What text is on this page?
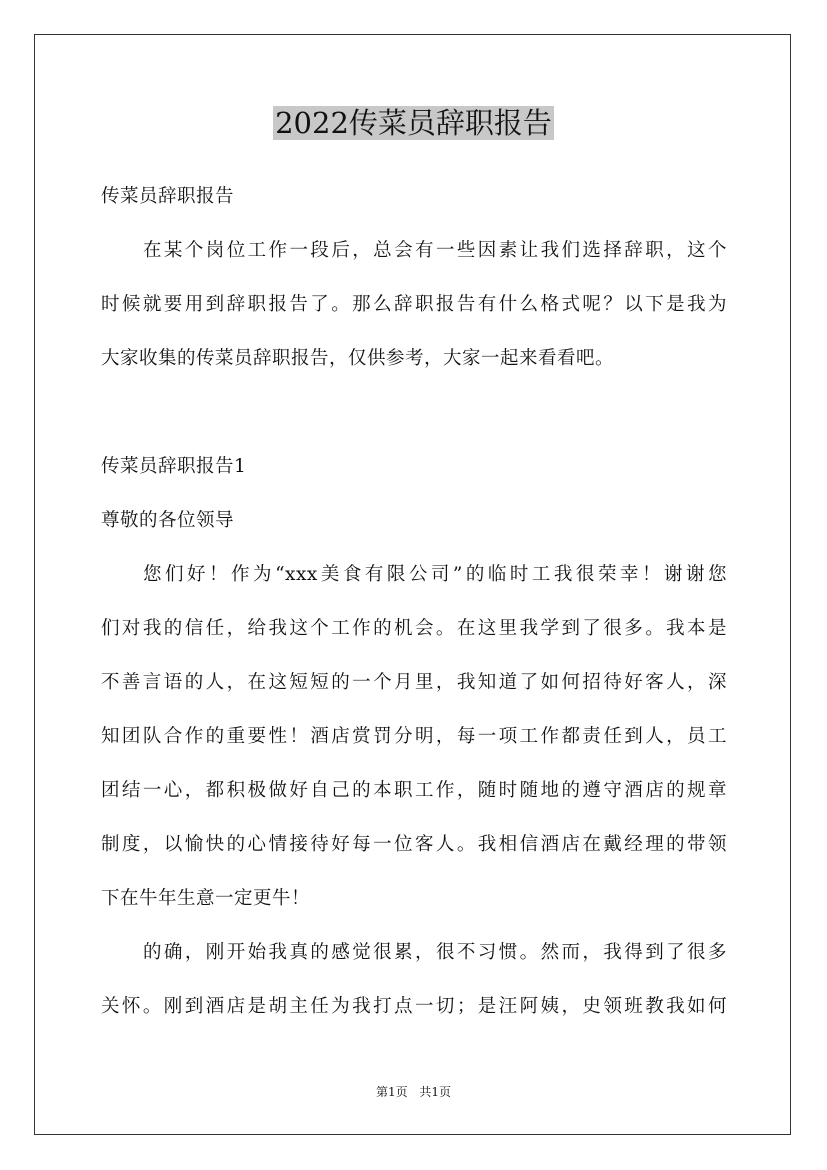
2022传菜员辞职报告

传菜员辞职报告

在某个岗位工作一段后，总会有一些因素让我们选择辞职，这个

时候就要用到辞职报告了。那么辞职报告有什么格式呢？以下是我为

大家收集的传菜员辞职报告，仅供参考，大家一起来看看吧。

传菜员辞职报告1

尊敬的各位领导

您们好！作为“xxx美食有限公司”的临时工我很荣幸！谢谢您

们对我的信任，给我这个工作的机会。在这里我学到了很多。我本是

不善言语的人，在这短短的一个月里，我知道了如何招待好客人，深

知团队合作的重要性！酒店赏罚分明，每一项工作都责任到人，员工

团结一心，都积极做好自己的本职工作，随时随地的遵守酒店的规章

制度，以愉快的心情接待好每一位客人。我相信酒店在戴经理的带领

下在牛年生意一定更牛！

的确，刚开始我真的感觉很累，很不习惯。然而，我得到了很多

关怀。刚到酒店是胡主任为我打点一切；是汪阿姨，史领班教我如何

第1页 共1页
